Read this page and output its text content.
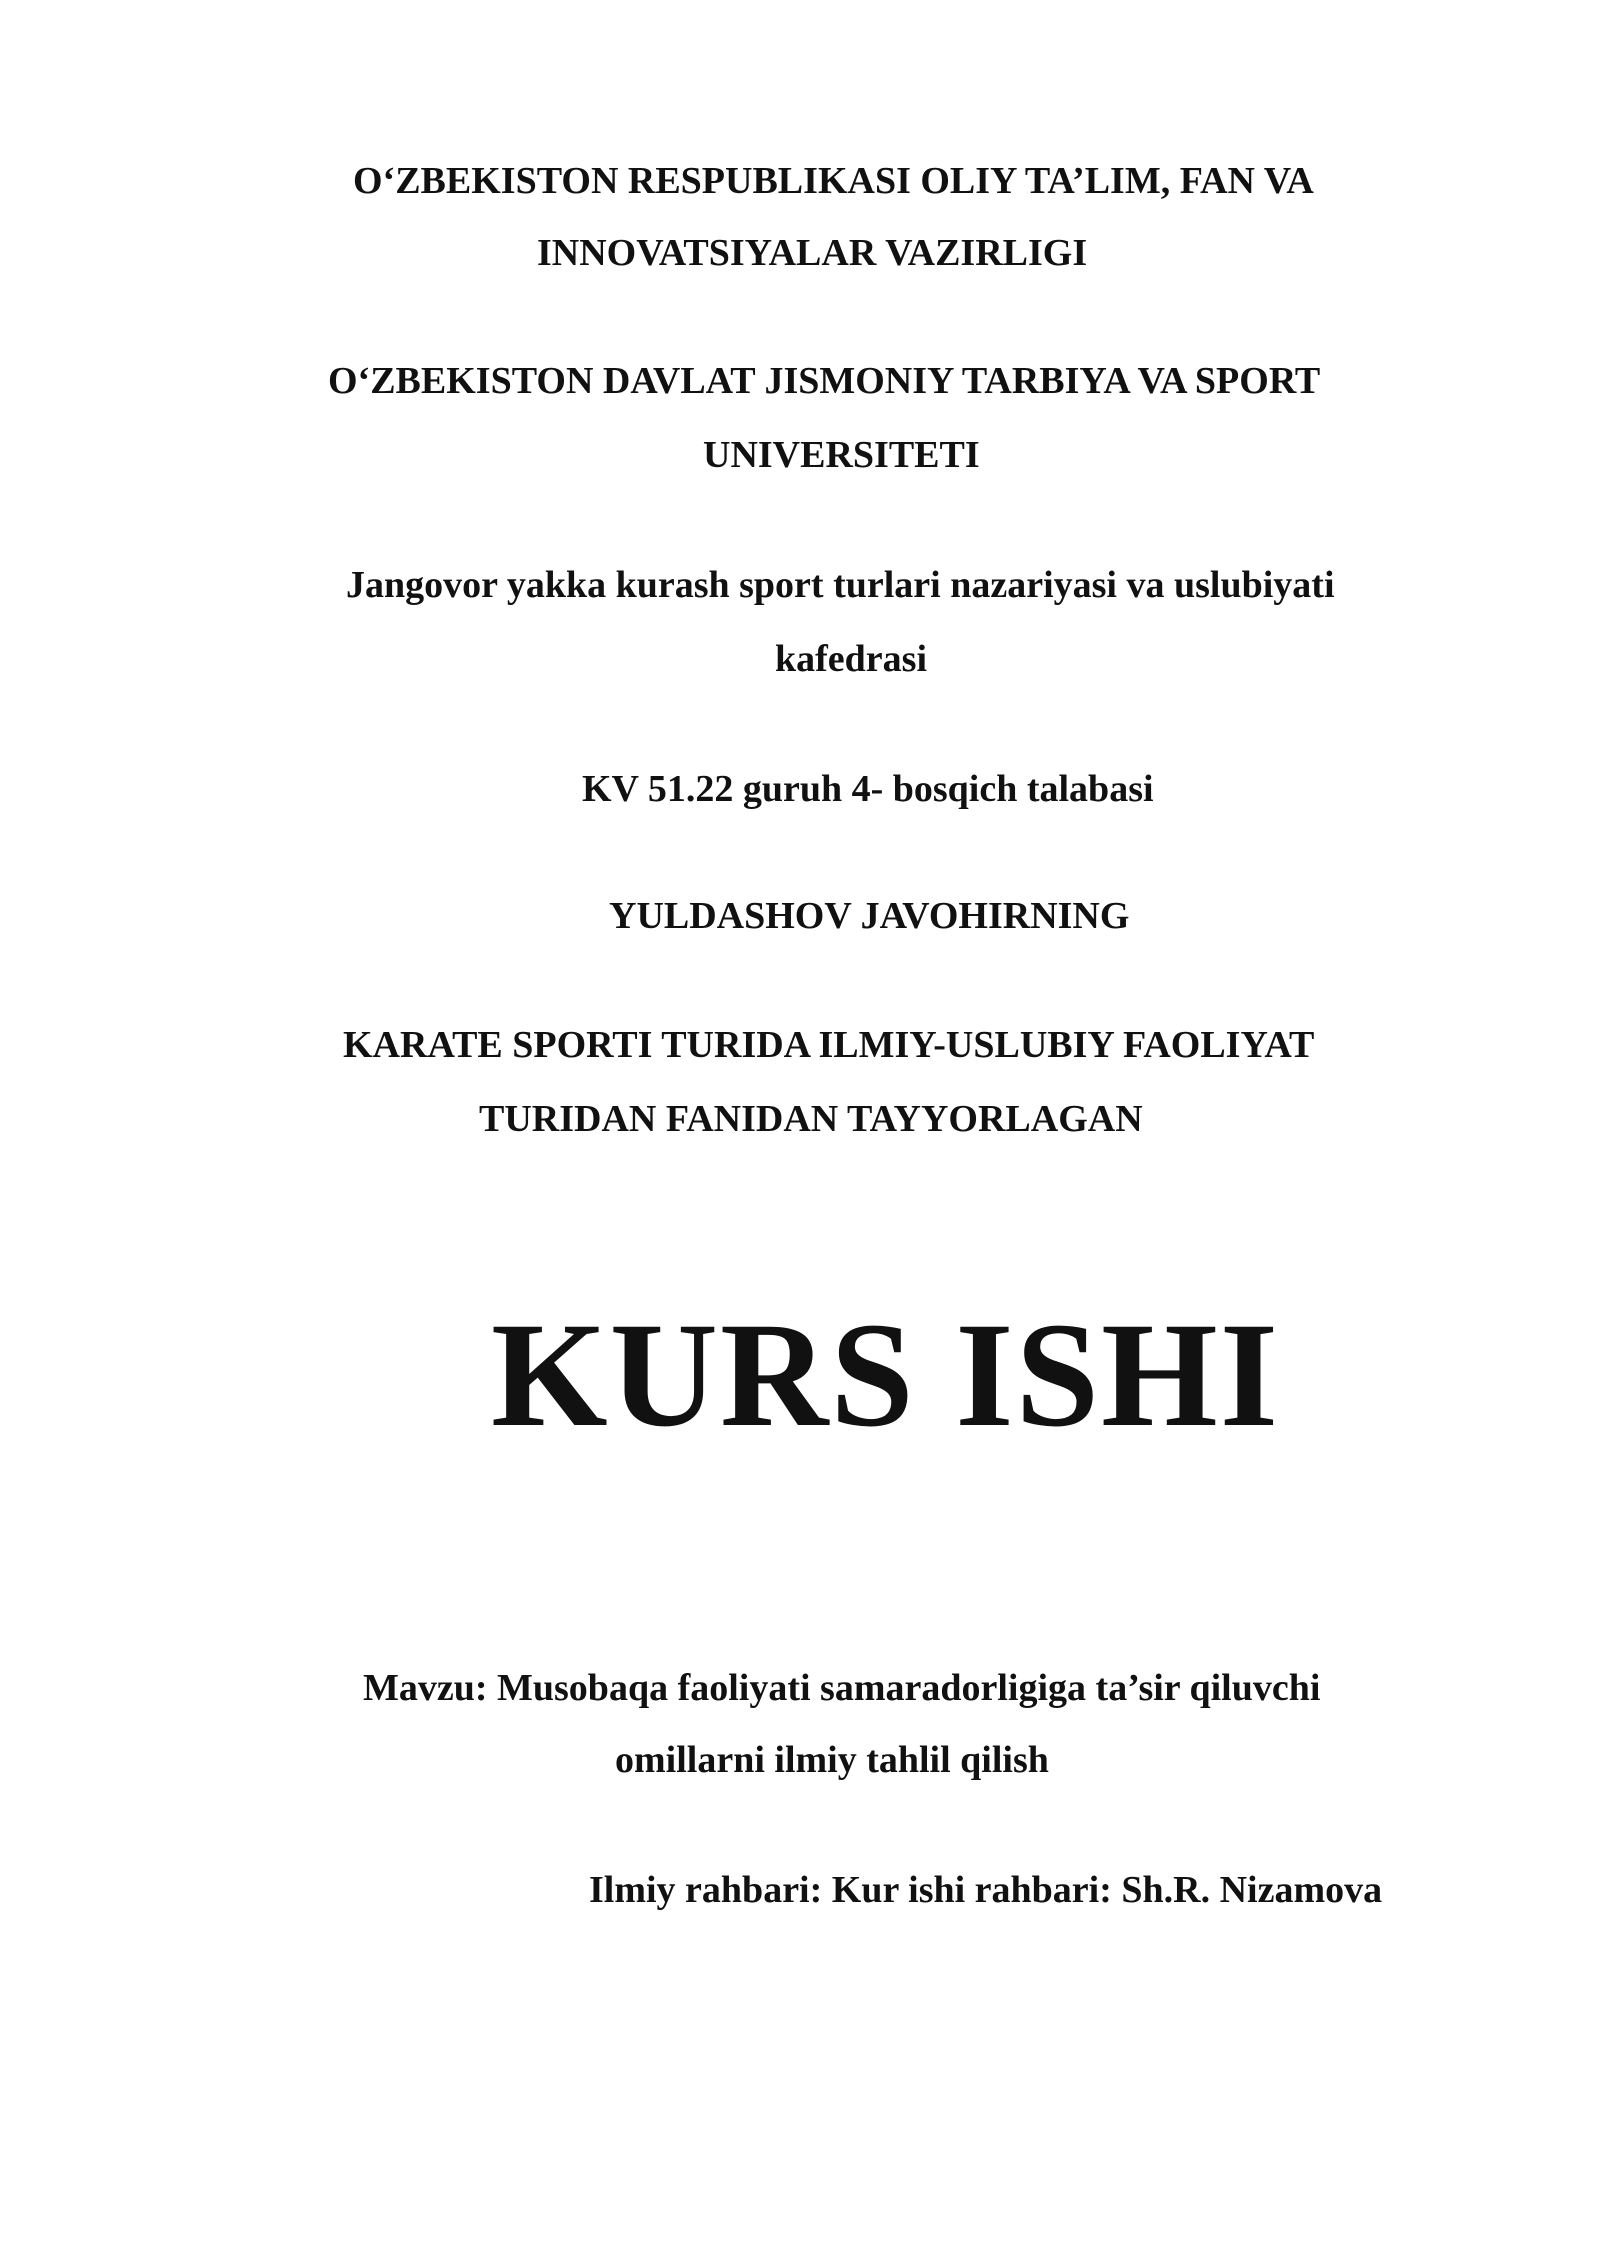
O‘ZBEKISTON RESPUBLIKASI OLIY TA’LIM, FAN VA
INNOVATSIYALAR VAZIRLIGI
O‘ZBEKISTON DAVLAT JISMONIY TARBIYA VA SPORT
UNIVERSITETI
Jangovor yakka kurash sport turlari nazariyasi va uslubiyati
kafedrasi
KV 51.22 guruh 4- bosqich talabasi
YULDASHOV JAVOHIRNING
KARATE SPORTI TURIDA ILMIY-USLUBIY FAOLIYAT
TURIDAN FANIDAN TAYYORLAGAN
KURS ISHI
Mavzu: Musobaqa faoliyati samaradorligiga ta’sir qiluvchi
omillarni ilmiy tahlil qilish
Ilmiy rahbari: Kur ishi rahbari: Sh.R. Nizamova
